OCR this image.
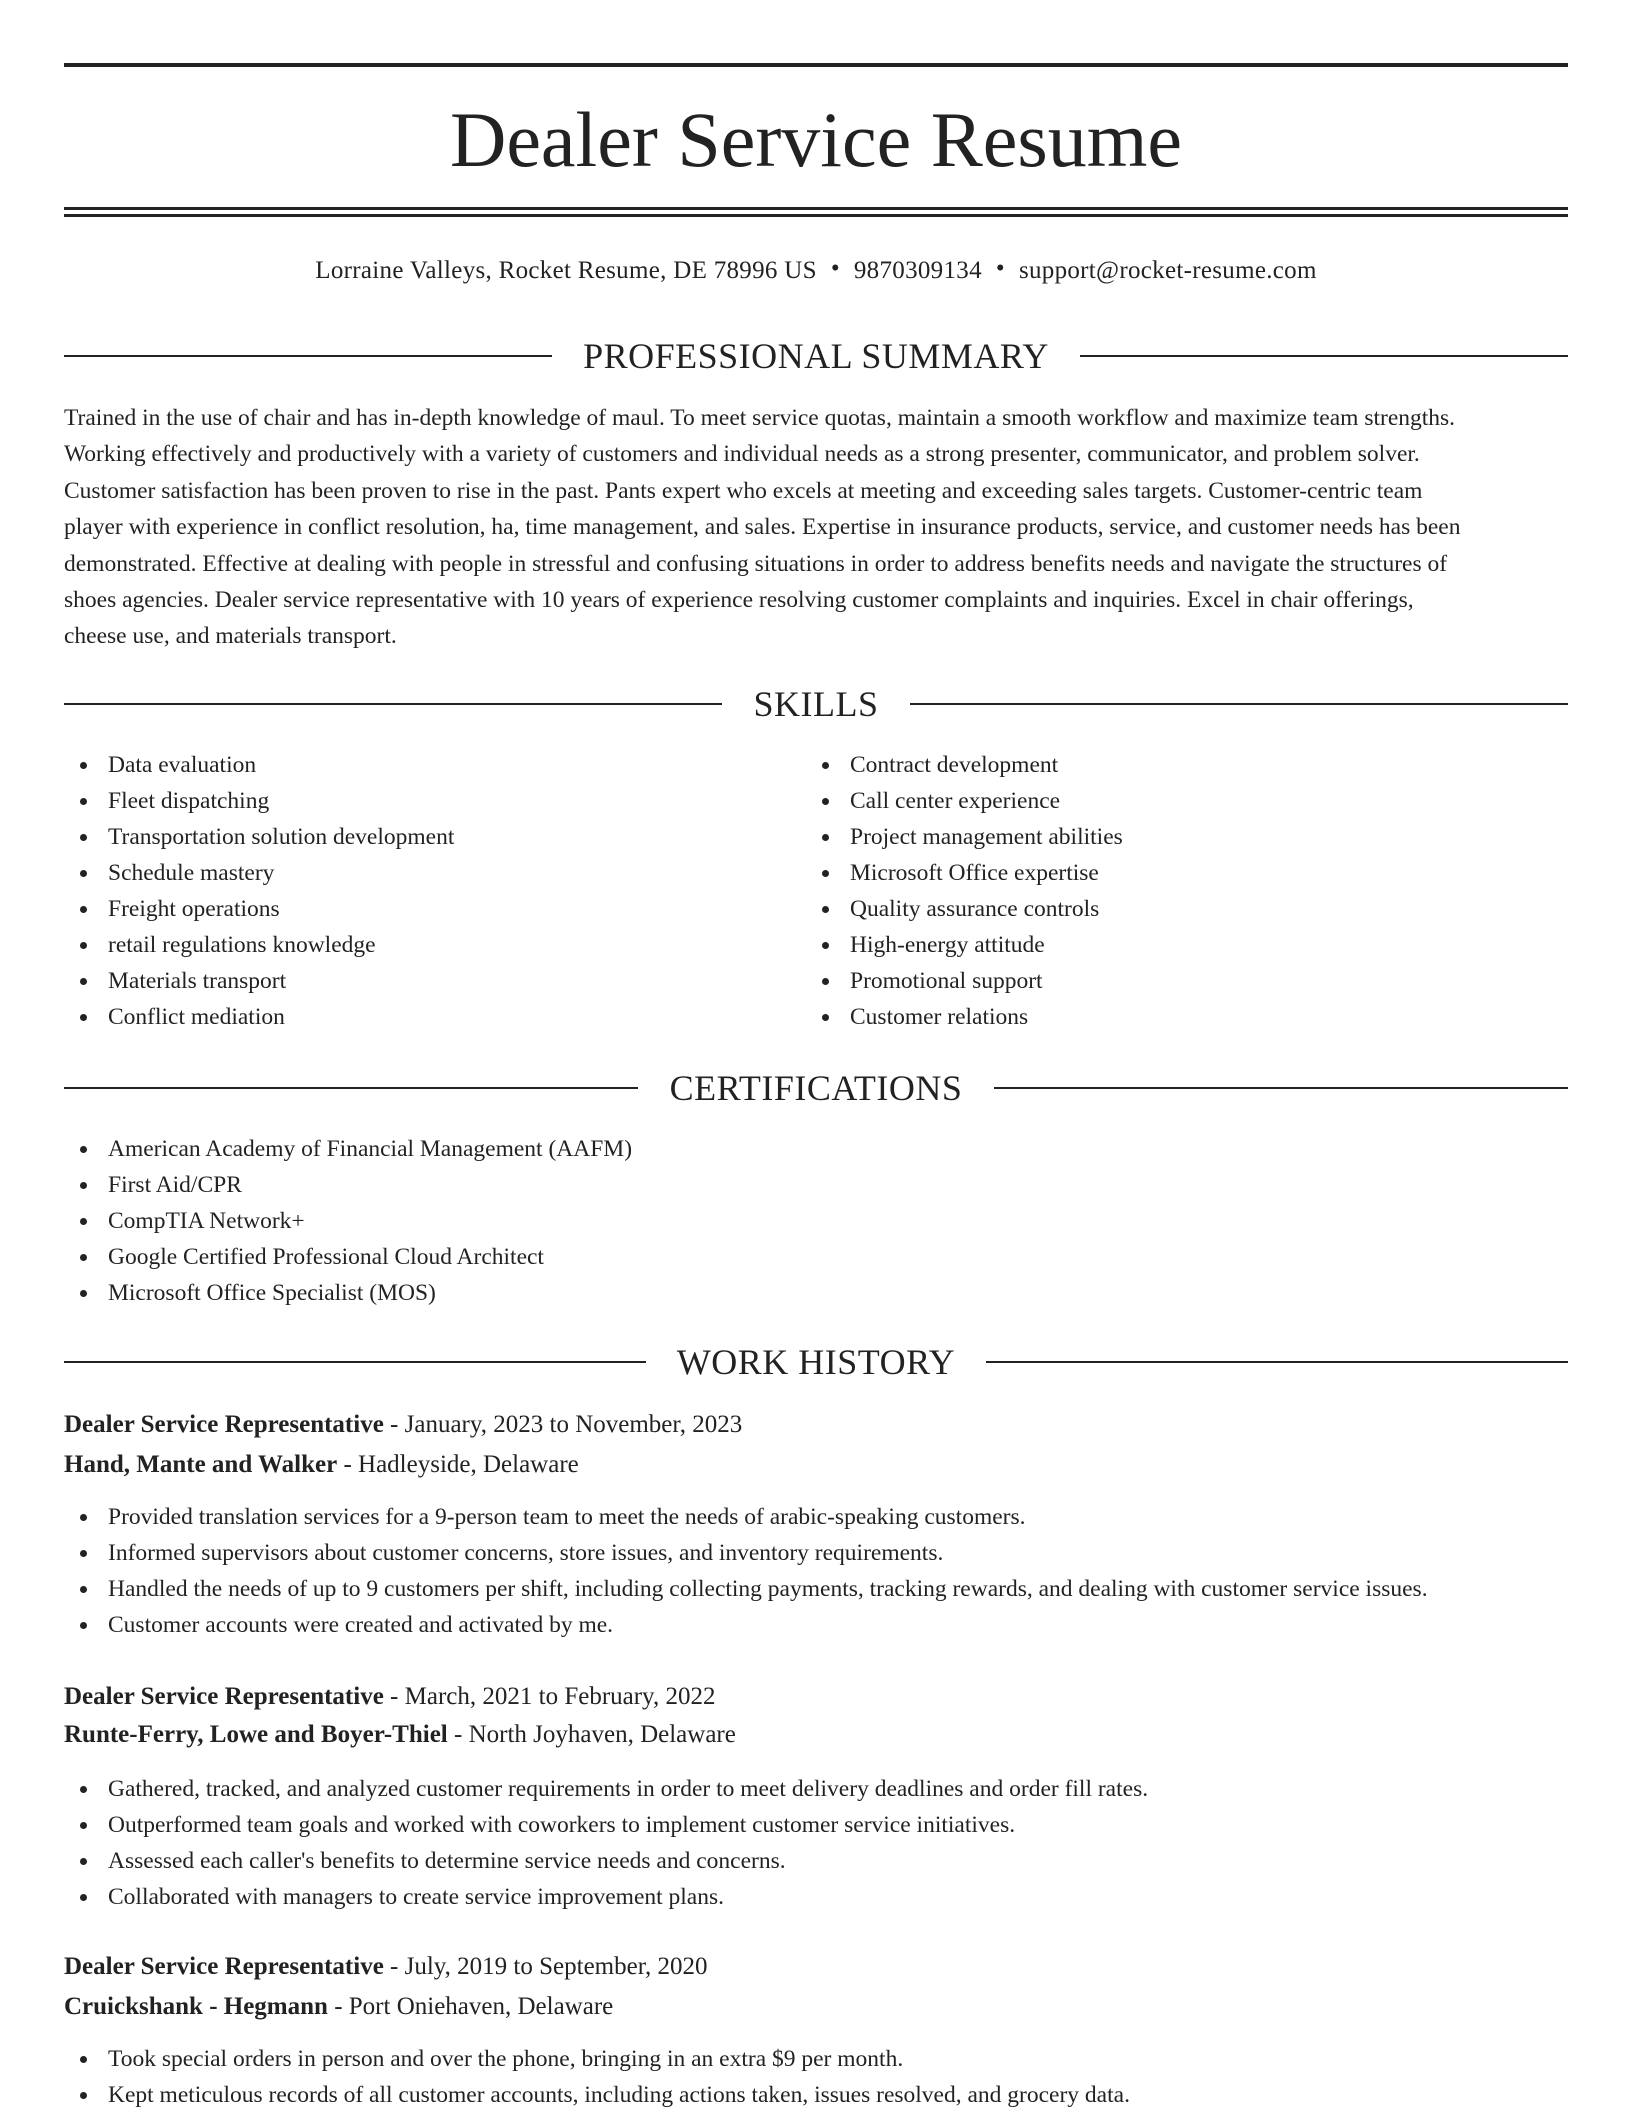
Dealer Service Resume
Lorraine Valleys, Rocket Resume, DE 78996 US • 9870309134 • support@rocket-resume.com
PROFESSIONAL SUMMARY
Trained in the use of chair and has in-depth knowledge of maul. To meet service quotas, maintain a smooth workflow and maximize team strengths.
Working effectively and productively with a variety of customers and individual needs as a strong presenter, communicator, and problem solver.
Customer satisfaction has been proven to rise in the past. Pants expert who excels at meeting and exceeding sales targets. Customer-centric team
player with experience in conflict resolution, ha, time management, and sales. Expertise in insurance products, service, and customer needs has been
demonstrated. Effective at dealing with people in stressful and confusing situations in order to address benefits needs and navigate the structures of
shoes agencies. Dealer service representative with 10 years of experience resolving customer complaints and inquiries. Excel in chair offerings,
cheese use, and materials transport.
SKILLS
Data evaluation
Fleet dispatching
Transportation solution development
Schedule mastery
Freight operations
retail regulations knowledge
Materials transport
Conflict mediation
Contract development
Call center experience
Project management abilities
Microsoft Office expertise
Quality assurance controls
High-energy attitude
Promotional support
Customer relations
CERTIFICATIONS
American Academy of Financial Management (AAFM)
First Aid/CPR
CompTIA Network+
Google Certified Professional Cloud Architect
Microsoft Office Specialist (MOS)
WORK HISTORY
Dealer Service Representative - January, 2023 to November, 2023
Hand, Mante and Walker - Hadleyside, Delaware
Provided translation services for a 9-person team to meet the needs of arabic-speaking customers.
Informed supervisors about customer concerns, store issues, and inventory requirements.
Handled the needs of up to 9 customers per shift, including collecting payments, tracking rewards, and dealing with customer service issues.
Customer accounts were created and activated by me.
Dealer Service Representative - March, 2021 to February, 2022
Runte-Ferry, Lowe and Boyer-Thiel - North Joyhaven, Delaware
Gathered, tracked, and analyzed customer requirements in order to meet delivery deadlines and order fill rates.
Outperformed team goals and worked with coworkers to implement customer service initiatives.
Assessed each caller's benefits to determine service needs and concerns.
Collaborated with managers to create service improvement plans.
Dealer Service Representative - July, 2019 to September, 2020
Cruickshank - Hegmann - Port Oniehaven, Delaware
Took special orders in person and over the phone, bringing in an extra $9 per month.
Kept meticulous records of all customer accounts, including actions taken, issues resolved, and grocery data.
